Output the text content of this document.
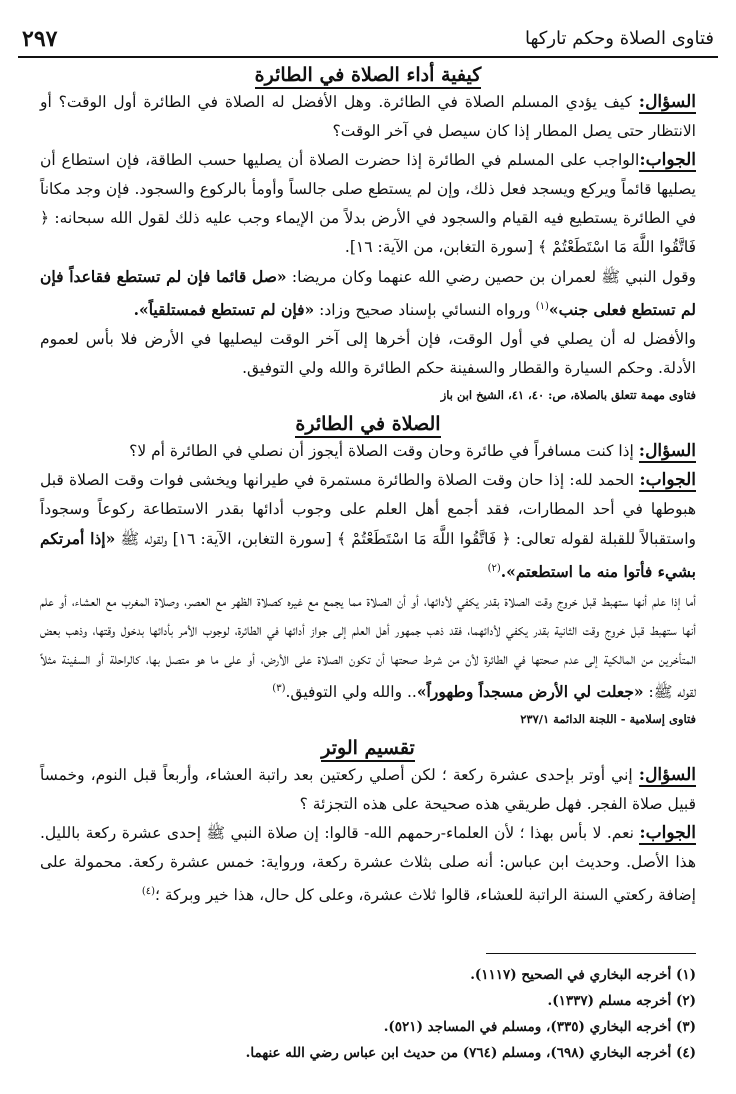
فتاوى الصلاة وحكم تاركها
٢٩٧

كيفية أداء الصلاة في الطائرة

السؤال: كيف يؤدي المسلم الصلاة في الطائرة. وهل الأفضل له الصلاة في الطائرة أول الوقت؟ أو الانتظار حتى يصل المطار إذا كان سيصل في آخر الوقت؟

الجواب:الواجب على المسلم في الطائرة إذا حضرت الصلاة أن يصليها حسب الطاقة، فإن استطاع أن يصليها قائماً ويركع ويسجد فعل ذلك، وإن لم يستطع صلى جالساً وأومأ بالركوع والسجود. فإن وجد مكاناً في الطائرة يستطيع فيه القيام والسجود في الأرض بدلاً من الإيماء وجب عليه ذلك لقول الله سبحانه: ﴿ فَاتَّقُوا اللَّهَ مَا اسْتَطَعْتُمْ ﴾ [سورة التغابن، من الآية: ١٦].

وقول النبي ﷺ لعمران بن حصين رضي الله عنهما وكان مريضا: «صل قائما فإن لم تستطع فقاعداً فإن لم تستطع فعلى جنب»$^{(١)}$ ورواه النسائي بإسناد صحيح وزاد: «فإن لم تستطع فمستلقياً».

والأفضل له أن يصلي في أول الوقت، فإن أخرها إلى آخر الوقت ليصليها في الأرض فلا بأس لعموم الأدلة. وحكم السيارة والقطار والسفينة حكم الطائرة والله ولي التوفيق.

فتاوى مهمة تتعلق بالصلاة، ص: ٤٠، ٤١، الشيخ ابن باز

الصلاة في الطائرة

السؤال: إذا كنت مسافراً في طائرة وحان وقت الصلاة أيجوز أن نصلي في الطائرة أم لا؟

الجواب: الحمد لله: إذا حان وقت الصلاة والطائرة مستمرة في طيرانها ويخشى فوات وقت الصلاة قبل هبوطها في أحد المطارات، فقد أجمع أهل العلم على وجوب أدائها بقدر الاستطاعة ركوعاً وسجوداً واستقبالاً للقبلة لقوله تعالى: ﴿ فَاتَّقُوا اللَّهَ مَا اسْتَطَعْتُمْ ﴾ [سورة التغابن، الآية: ١٦] ولقوله ﷺ «إذا أمرتكم بشيء فأتوا منه ما استطعتم».$^{(٢)}$

أما إذا علم أنها ستهبط قبل خروج وقت الصلاة بقدر يكفي لأدائها، أو أن الصلاة مما يجمع مع غيره كصلاة الظهر مع العصر، وصلاة المغرب مع العشاء، أو علم أنها ستهبط قبل خروج وقت الثانية بقدر يكفي لأدائهما، فقد ذهب جمهور أهل العلم إلى جواز أدائها في الطائرة، لوجوب الأمر بأدائها بدخول وقتها، وذهب بعض المتأخرين من المالكية إلى عدم صحتها في الطائرة لأن من شرط صحتها أن تكون الصلاة على الأرض، أو على ما هو متصل بها، كالراحلة أو السفينة مثلاً لقوله ﷺ: «جعلت لي الأرض مسجداً وطهوراً».. والله ولي التوفيق.$^{(٣)}$

فتاوى إسلامية - اللجنة الدائمة ٢٣٧/١

تقسيم الوتر

السؤال: إني أوتر بإحدى عشرة ركعة ؛ لكن أصلي ركعتين بعد راتبة العشاء، وأربعاً قبل النوم، وخمساً قبيل صلاة الفجر. فهل طريقي هذه صحيحة على هذه التجزئة ؟

الجواب: نعم. لا بأس بهذا ؛ لأن العلماء-رحمهم الله- قالوا: إن صلاة النبي ﷺ إحدى عشرة ركعة بالليل. هذا الأصل. وحديث ابن عباس: أنه صلى بثلاث عشرة ركعة، ورواية: خمس عشرة ركعة. محمولة على إضافة ركعتي السنة الراتبة للعشاء، قالوا ثلاث عشرة، وعلى كل حال، هذا خير وبركة ؛$^{(٤)}$

(١) أخرجه البخاري في الصحيح (١١١٧).
(٢) أخرجه مسلم (١٣٣٧).
(٣) أخرجه البخاري (٣٣٥)، ومسلم في المساجد (٥٢١).
(٤) أخرجه البخاري (٦٩٨)، ومسلم (٧٦٤) من حديث ابن عباس رضي الله عنهما.
